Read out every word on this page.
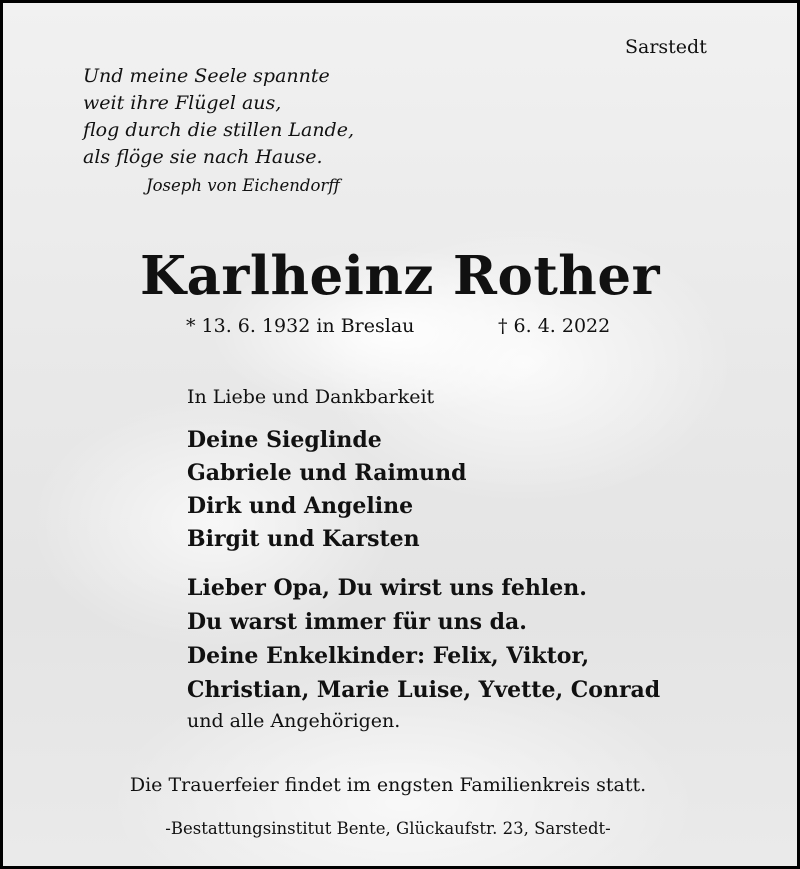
Sarstedt
Und meine Seele spannte
weit ihre Flügel aus,
flog durch die stillen Lande,
als flöge sie nach Hause.
Joseph von Eichendorff
Karlheinz Rother
* 13. 6. 1932 in Breslau	† 6. 4. 2022
In Liebe und Dankbarkeit
Deine Sieglinde
Gabriele und Raimund
Dirk und Angeline
Birgit und Karsten
Lieber Opa, Du wirst uns fehlen.
Du warst immer für uns da.
Deine Enkelkinder: Felix, Viktor,
Christian, Marie Luise, Yvette, Conrad
und alle Angehörigen.
Die Trauerfeier findet im engsten Familienkreis statt.
-Bestattungsinstitut Bente, Glückaufstr. 23, Sarstedt-
